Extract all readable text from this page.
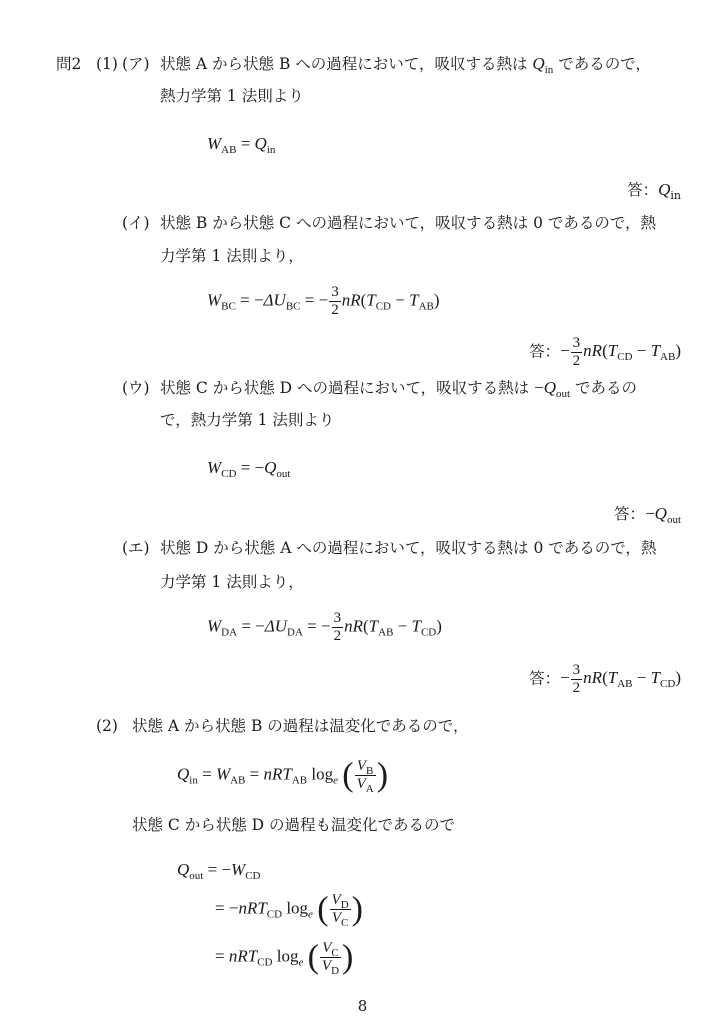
問2 (1) (ア) 状態 A から状態 B への過程において，吸収する熱は $Q_{in}$ であるので，
熱力学第 1 法則より
$W_{AB} = Q_{in}$
答：$Q_{in}$
(イ) 状態 B から状態 C への過程において，吸収する熱は 0 であるので，熱
力学第 1 法則より，
$W_{BC} = -\Delta U_{BC}$ = − $\frac{3}{2} nR(T_{CD} - T_{AB})$
答：− $\frac{3}{2} nR(T_{CD} - T_{AB})$
(ウ) 状態 C から状態 D への過程において，吸収する熱は $-Q_{out}$ であるの
で，熱力学第 1 法則より
$W_{CD} = -Q_{out}$
答：$-Q_{out}$
(エ) 状態 D から状態 A への過程において，吸収する熱は 0 であるので，熱
力学第 1 法則より，
$W_{DA} = -\Delta U_{DA}$ = − $\frac{3}{2} nR(T_{AB} - T_{CD})$
答：− $\frac{3}{2} nR(T_{AB} - T_{CD})$
(2) 状態 A から状態 B の過程は温変化であるので，
$Q_{in} = W_{AB} = nRT_{AB}$ $\log_e$ ( $\frac{V_B}{V_A}$ )
状態 C から状態 D の過程も温変化であるので
$Q_{out} = -W_{CD}$
= −nRT$_{CD}$ $\log_e$ ( $\frac{V_D}{V_C}$ )
= nRT$_{CD}$ $\log_e$ ( $\frac{V_C}{V_D}$ )
8
